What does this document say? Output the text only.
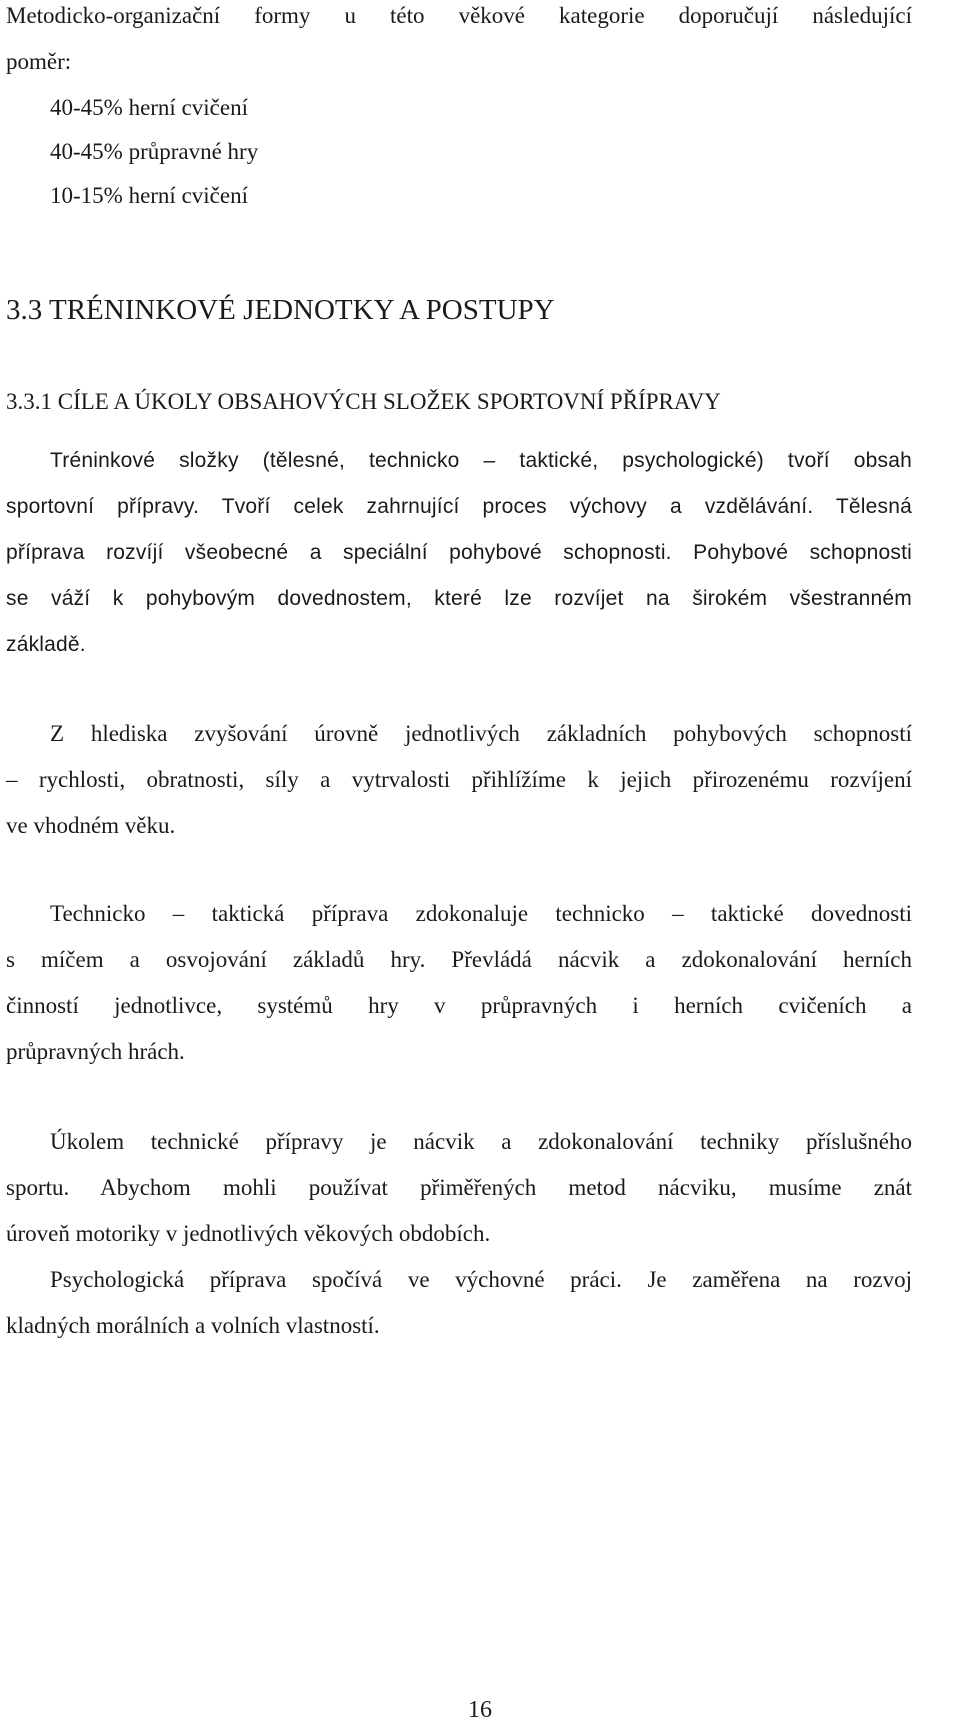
Metodicko-organizační formy u této věkové kategorie doporučují následující

poměr:

40-45% herní cvičení

40-45% průpravné hry

10-15% herní cvičení

3.3 TRÉNINKOVÉ JEDNOTKY A POSTUPY
3.3.1 CÍLE A ÚKOLY OBSAHOVÝCH SLOŽEK SPORTOVNÍ PŘÍPRAVY

Tréninkové složky (tělesné, technicko – taktické, psychologické) tvoří obsah

sportovní přípravy. Tvoří celek zahrnující proces výchovy a vzdělávání. Tělesná

příprava rozvíjí všeobecné a speciální pohybové schopnosti. Pohybové schopnosti

se váží k pohybovým dovednostem, které lze rozvíjet na širokém všestranném

základě.

Z hlediska zvyšování úrovně jednotlivých základních pohybových schopností

– rychlosti, obratnosti, síly a vytrvalosti přihlížíme k jejich přirozenému rozvíjení

ve vhodném věku.

Technicko – taktická příprava zdokonaluje technicko – taktické dovednosti

s míčem a osvojování základů hry. Převládá nácvik a zdokonalování herních

činností jednotlivce, systémů hry v průpravných i herních cvičeních a

průpravných hrách.

Úkolem technické přípravy je nácvik a zdokonalování techniky příslušného

sportu. Abychom mohli používat přiměřených metod nácviku, musíme znát

úroveň motoriky v jednotlivých věkových obdobích.

Psychologická příprava spočívá ve výchovné práci. Je zaměřena na rozvoj

kladných morálních a volních vlastností.

16
